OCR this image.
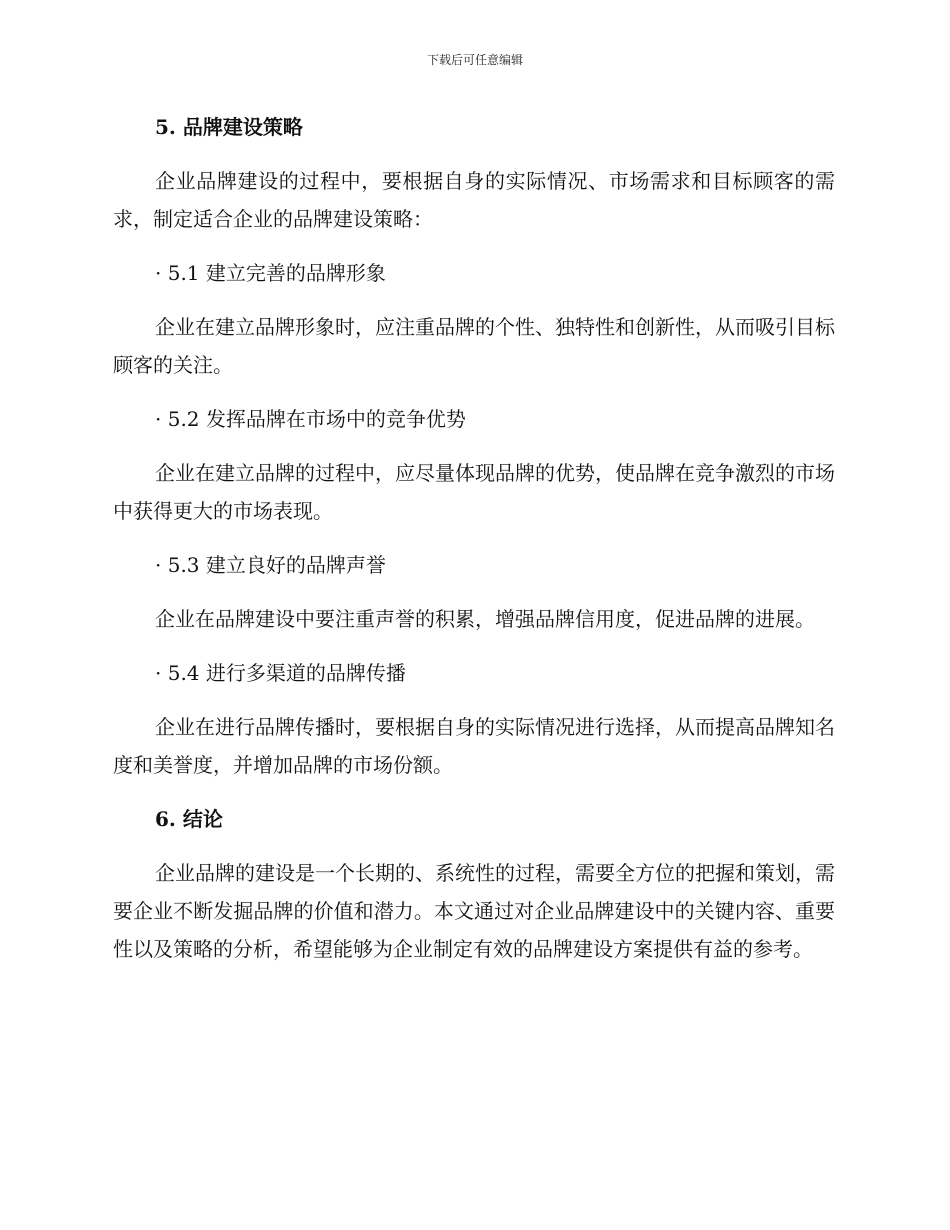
下载后可任意编辑
5. 品牌建设策略
企业品牌建设的过程中，要根据自身的实际情况、市场需求和目标顾客的需求，制定适合企业的品牌建设策略：
· 5.1 建立完善的品牌形象
企业在建立品牌形象时，应注重品牌的个性、独特性和创新性，从而吸引目标顾客的关注。
· 5.2 发挥品牌在市场中的竞争优势
企业在建立品牌的过程中，应尽量体现品牌的优势，使品牌在竞争激烈的市场中获得更大的市场表现。
· 5.3 建立良好的品牌声誉
企业在品牌建设中要注重声誉的积累，增强品牌信用度，促进品牌的进展。
· 5.4 进行多渠道的品牌传播
企业在进行品牌传播时，要根据自身的实际情况进行选择，从而提高品牌知名度和美誉度，并增加品牌的市场份额。
6. 结论
企业品牌的建设是一个长期的、系统性的过程，需要全方位的把握和策划，需要企业不断发掘品牌的价值和潜力。本文通过对企业品牌建设中的关键内容、重要性以及策略的分析，希望能够为企业制定有效的品牌建设方案提供有益的参考。
